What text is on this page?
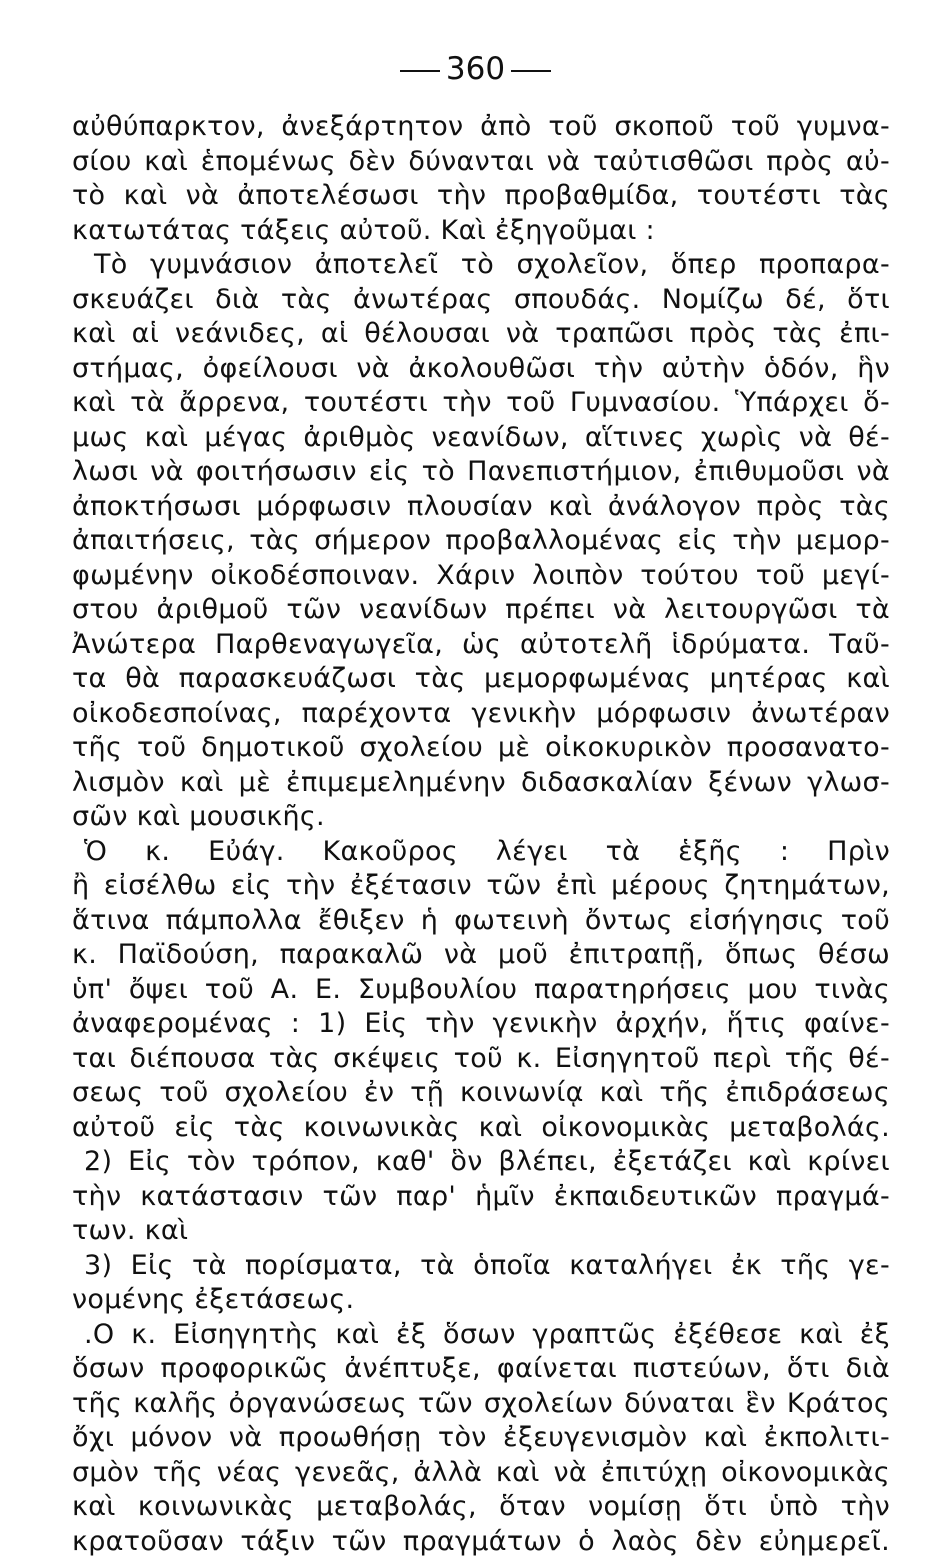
360
αὐθύπαρκτον, ἀνεξάρτητον ἀπὸ τοῦ σκοποῦ τοῦ γυμνα-
σίου καὶ ἑπομένως δὲν δύνανται νὰ ταὐτισθῶσι πρὸς αὐ-
τὸ καὶ νὰ ἀποτελέσωσι τὴν προβαθμίδα, τουτέστι τὰς
κατωτάτας τάξεις αὐτοῦ. Καὶ ἐξηγοῦμαι :
Τὸ γυμνάσιον ἀποτελεῖ τὸ σχολεῖον, ὅπερ προπαρα-
σκευάζει διὰ τὰς ἀνωτέρας σπουδάς. Νομίζω δέ, ὅτι
καὶ αἱ νεάνιδες, αἱ θέλουσαι νὰ τραπῶσι πρὸς τὰς ἐπι-
στήμας, ὀφείλουσι νὰ ἀκολουθῶσι τὴν αὐτὴν ὁδόν, ἣν
καὶ τὰ ἄρρενα, τουτέστι τὴν τοῦ Γυμνασίου. Ὑπάρχει ὅ-
μως καὶ μέγας ἀριθμὸς νεανίδων, αἵτινες χωρὶς νὰ θέ-
λωσι νὰ φοιτήσωσιν εἰς τὸ Πανεπιστήμιον, ἐπιθυμοῦσι νὰ
ἀποκτήσωσι μόρφωσιν πλουσίαν καὶ ἀνάλογον πρὸς τὰς
ἀπαιτήσεις, τὰς σήμερον προβαλλομένας εἰς τὴν μεμορ-
φωμένην οἰκοδέσποιναν. Χάριν λοιπὸν τούτου τοῦ μεγί-
στου ἀριθμοῦ τῶν νεανίδων πρέπει νὰ λειτουργῶσι τὰ
Ἀνώτερα Παρθεναγωγεῖα, ὡς αὐτοτελῆ ἱδρύματα. Ταῦ-
τα θὰ παρασκευάζωσι τὰς μεμορφωμένας μητέρας καὶ
οἰκοδεσποίνας, παρέχοντα γενικὴν μόρφωσιν ἀνωτέραν
τῆς τοῦ δημοτικοῦ σχολείου μὲ οἰκοκυρικὸν προσανατο-
λισμὸν καὶ μὲ ἐπιμεμελημένην διδασκαλίαν ξένων γλωσ-
σῶν καὶ μουσικῆς.
Ὁ κ. Εὐάγ. Κακοῦρος λέγει τὰ ἑξῆς : Πρὶν
ἢ εἰσέλθω εἰς τὴν ἐξέτασιν τῶν ἐπὶ μέρους ζητημάτων,
ἅτινα πάμπολλα ἔθιξεν ἡ φωτεινὴ ὄντως εἰσήγησις τοῦ
κ. Παϊδούση, παρακαλῶ νὰ μοῦ ἐπιτραπῇ, ὅπως θέσω
ὑπ' ὄψει τοῦ Α. Ε. Συμβουλίου παρατηρήσεις μου τινὰς
ἀναφερομένας : 1) Εἰς τὴν γενικὴν ἀρχήν, ἥτις φαίνε-
ται διέπουσα τὰς σκέψεις τοῦ κ. Εἰσηγητοῦ περὶ τῆς θέ-
σεως τοῦ σχολείου ἐν τῇ κοινωνίᾳ καὶ τῆς ἐπιδράσεως
αὐτοῦ εἰς τὰς κοινωνικὰς καὶ οἰκονομικὰς μεταβολάς.
2) Εἰς τὸν τρόπον, καθ' ὃν βλέπει, ἐξετάζει καὶ κρίνει
τὴν κατάστασιν τῶν παρ' ἡμῖν ἐκπαιδευτικῶν πραγμά-
των. καὶ
3) Εἰς τὰ πορίσματα, τὰ ὁποῖα καταλήγει ἐκ τῆς γε-
νομένης ἐξετάσεως.
.Ο κ. Εἰσηγητὴς καὶ ἐξ ὅσων γραπτῶς ἐξέθεσε καὶ ἐξ
ὅσων προφορικῶς ἀνέπτυξε, φαίνεται πιστεύων, ὅτι διὰ
τῆς καλῆς ὀργανώσεως τῶν σχολείων δύναται ἓν Κράτος
ὄχι μόνον νὰ προωθήσῃ τὸν ἐξευγενισμὸν καὶ ἐκπολιτι-
σμὸν τῆς νέας γενεᾶς, ἀλλὰ καὶ νὰ ἐπιτύχῃ οἰκονομικὰς
καὶ κοινωνικὰς μεταβολάς, ὅταν νομίσῃ ὅτι ὑπὸ τὴν
κρατοῦσαν τάξιν τῶν πραγμάτων ὁ λαὸς δὲν εὐημερεῖ.
